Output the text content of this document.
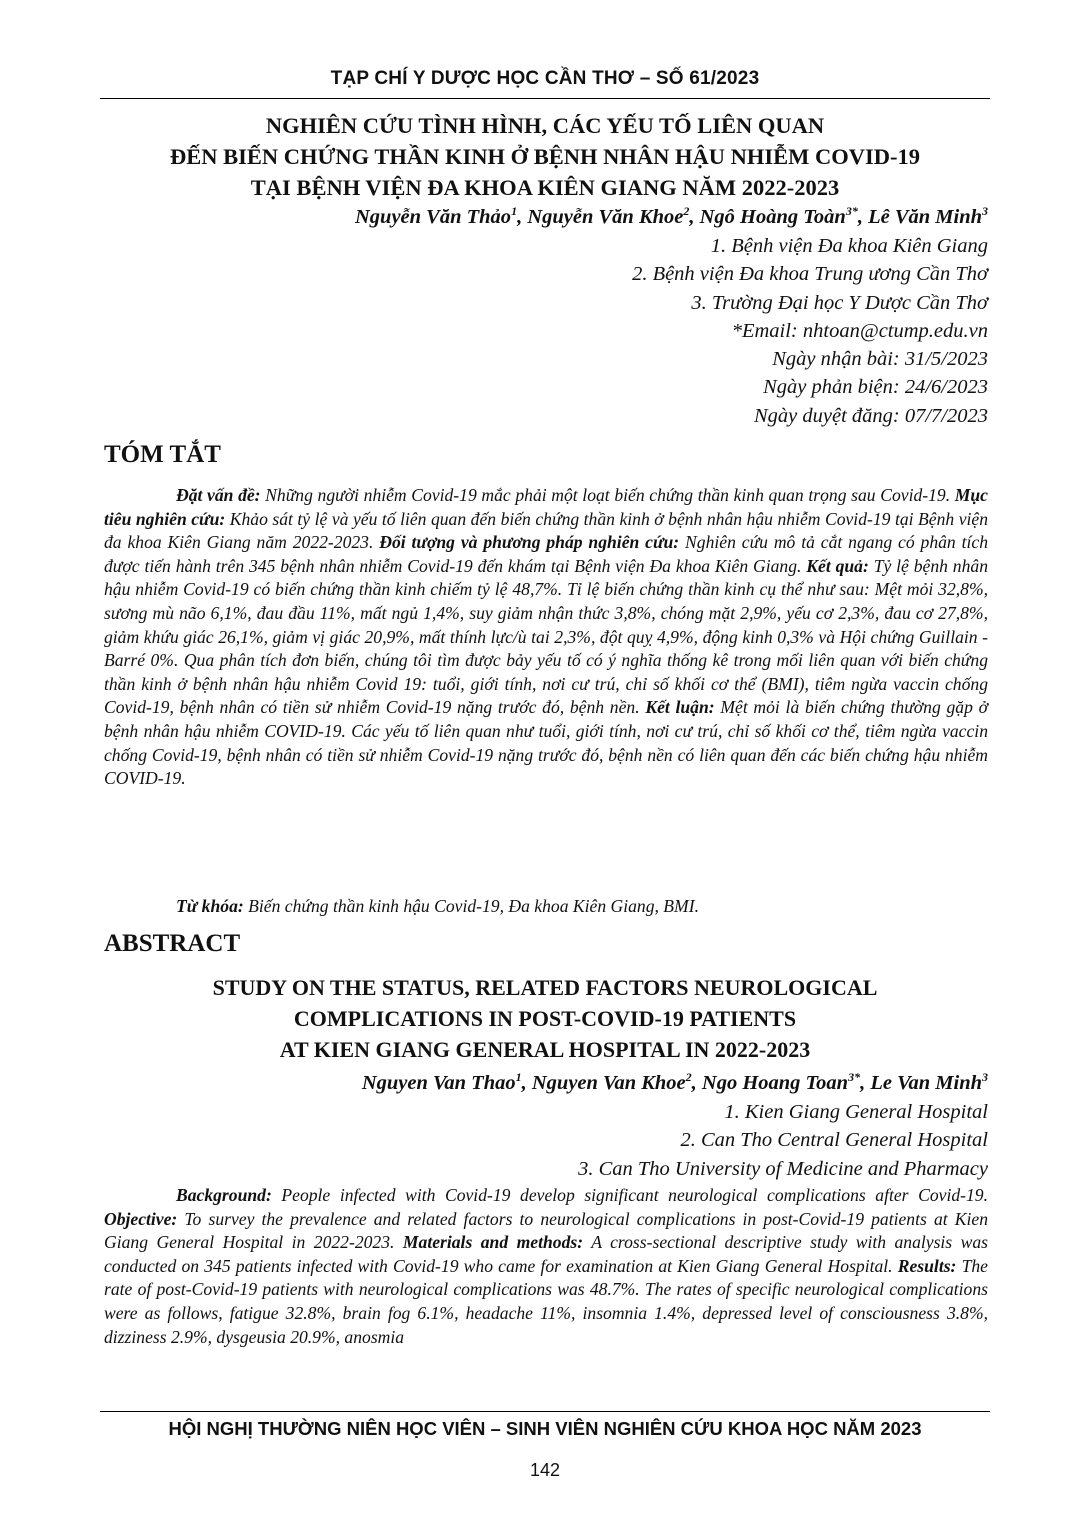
TẠP CHÍ Y DƯỢC HỌC CẦN THƠ – SỐ 61/2023
NGHIÊN CỨU TÌNH HÌNH, CÁC YẾU TỐ LIÊN QUAN
ĐẾN BIẾN CHỨNG THẦN KINH Ở BỆNH NHÂN HẬU NHIỄM COVID-19
TẠI BỆNH VIỆN ĐA KHOA KIÊN GIANG NĂM 2022-2023
Nguyễn Văn Thảo$^1$, Nguyễn Văn Khoe$^2$, Ngô Hoàng Toàn$^{3*}$, Lê Văn Minh$^3$
1. Bệnh viện Đa khoa Kiên Giang
2. Bệnh viện Đa khoa Trung ương Cần Thơ
3. Trường Đại học Y Dược Cần Thơ
*Email: nhtoan@ctump.edu.vn
Ngày nhận bài: 31/5/2023
Ngày phản biện: 24/6/2023
Ngày duyệt đăng: 07/7/2023
TÓM TẮT
Đặt vấn đề: Những người nhiễm Covid-19 mắc phải một loạt biến chứng thần kinh quan trọng sau Covid-19. Mục tiêu nghiên cứu: Khảo sát tỷ lệ và yếu tố liên quan đến biến chứng thần kinh ở bệnh nhân hậu nhiễm Covid-19 tại Bệnh viện đa khoa Kiên Giang năm 2022-2023. Đối tượng và phương pháp nghiên cứu: Nghiên cứu mô tả cắt ngang có phân tích được tiến hành trên 345 bệnh nhân nhiễm Covid-19 đến khám tại Bệnh viện Đa khoa Kiên Giang. Kết quả: Tỷ lệ bệnh nhân hậu nhiễm Covid-19 có biến chứng thần kinh chiếm tỷ lệ 48,7%. Tỉ lệ biến chứng thần kinh cụ thể như sau: Mệt mỏi 32,8%, sương mù não 6,1%, đau đầu 11%, mất ngủ 1,4%, suy giảm nhận thức 3,8%, chóng mặt 2,9%, yếu cơ 2,3%, đau cơ 27,8%, giảm khứu giác 26,1%, giảm vị giác 20,9%, mất thính lực/ù tai 2,3%, đột quỵ 4,9%, động kinh 0,3% và Hội chứng Guillain - Barré 0%. Qua phân tích đơn biến, chúng tôi tìm được bảy yếu tố có ý nghĩa thống kê trong mối liên quan với biến chứng thần kinh ở bệnh nhân hậu nhiễm Covid 19: tuổi, giới tính, nơi cư trú, chỉ số khối cơ thể (BMI), tiêm ngừa vaccin chống Covid-19, bệnh nhân có tiền sử nhiễm Covid-19 nặng trước đó, bệnh nền. Kết luận: Mệt mỏi là biến chứng thường gặp ở bệnh nhân hậu nhiễm COVID-19. Các yếu tố liên quan như tuổi, giới tính, nơi cư trú, chỉ số khối cơ thể, tiêm ngừa vaccin chống Covid-19, bệnh nhân có tiền sử nhiễm Covid-19 nặng trước đó, bệnh nền có liên quan đến các biến chứng hậu nhiễm COVID-19.
Từ khóa: Biến chứng thần kinh hậu Covid-19, Đa khoa Kiên Giang, BMI.
ABSTRACT
STUDY ON THE STATUS, RELATED FACTORS NEUROLOGICAL
COMPLICATIONS IN POST-COVID-19 PATIENTS
AT KIEN GIANG GENERAL HOSPITAL IN 2022-2023
Nguyen Van Thao$^1$, Nguyen Van Khoe$^2$, Ngo Hoang Toan$^{3*}$, Le Van Minh$^3$
1. Kien Giang General Hospital
2. Can Tho Central General Hospital
3. Can Tho University of Medicine and Pharmacy
Background: People infected with Covid-19 develop significant neurological complications after Covid-19. Objective: To survey the prevalence and related factors to neurological complications in post-Covid-19 patients at Kien Giang General Hospital in 2022-2023. Materials and methods: A cross-sectional descriptive study with analysis was conducted on 345 patients infected with Covid-19 who came for examination at Kien Giang General Hospital. Results: The rate of post-Covid-19 patients with neurological complications was 48.7%. The rates of specific neurological complications were as follows, fatigue 32.8%, brain fog 6.1%, headache 11%, insomnia 1.4%, depressed level of consciousness 3.8%, dizziness 2.9%, dysgeusia 20.9%, anosmia
HỘI NGHỊ THƯỜNG NIÊN HỌC VIÊN – SINH VIÊN NGHIÊN CỨU KHOA HỌC NĂM 2023
142
